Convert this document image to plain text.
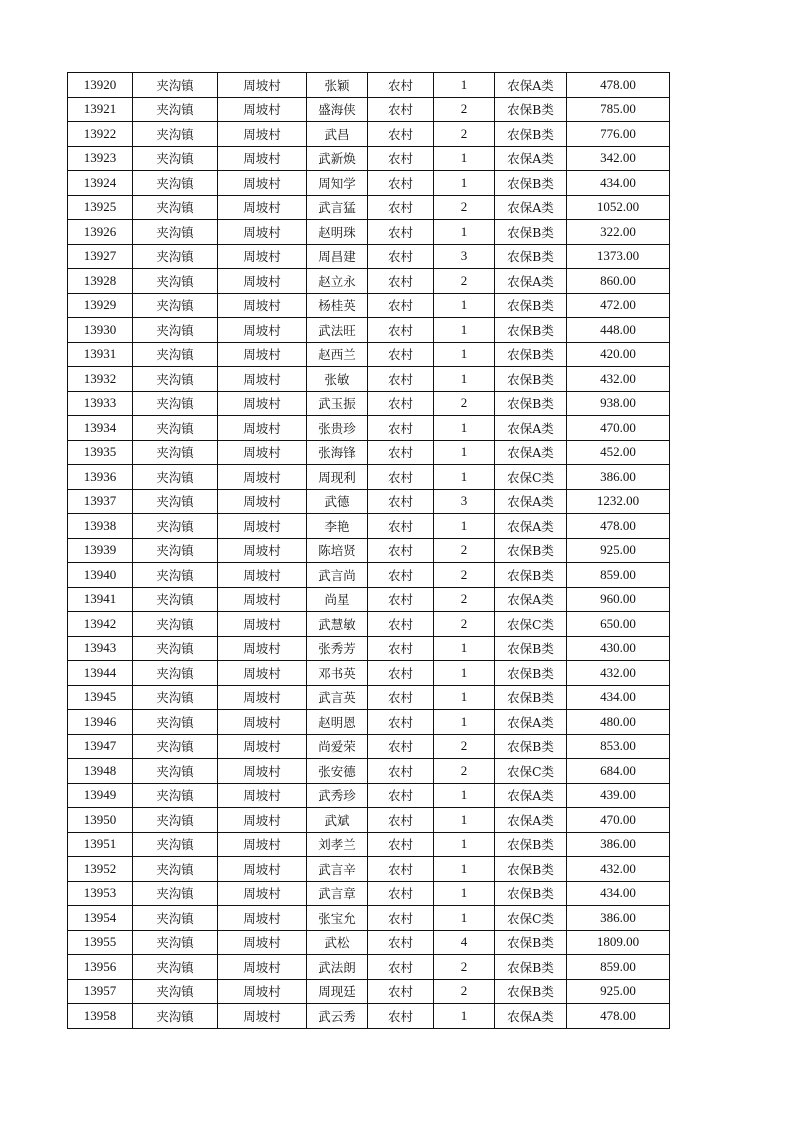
13920	夹沟镇	周坡村	张颖	农村	1	农保A类	478.00
13921	夹沟镇	周坡村	盛海侠	农村	2	农保B类	785.00
13922	夹沟镇	周坡村	武昌	农村	2	农保B类	776.00
13923	夹沟镇	周坡村	武新焕	农村	1	农保A类	342.00
13924	夹沟镇	周坡村	周知学	农村	1	农保B类	434.00
13925	夹沟镇	周坡村	武言猛	农村	2	农保A类	1052.00
13926	夹沟镇	周坡村	赵明珠	农村	1	农保B类	322.00
13927	夹沟镇	周坡村	周昌建	农村	3	农保B类	1373.00
13928	夹沟镇	周坡村	赵立永	农村	2	农保A类	860.00
13929	夹沟镇	周坡村	杨桂英	农村	1	农保B类	472.00
13930	夹沟镇	周坡村	武法旺	农村	1	农保B类	448.00
13931	夹沟镇	周坡村	赵西兰	农村	1	农保B类	420.00
13932	夹沟镇	周坡村	张敏	农村	1	农保B类	432.00
13933	夹沟镇	周坡村	武玉振	农村	2	农保B类	938.00
13934	夹沟镇	周坡村	张贵珍	农村	1	农保A类	470.00
13935	夹沟镇	周坡村	张海锋	农村	1	农保A类	452.00
13936	夹沟镇	周坡村	周现利	农村	1	农保C类	386.00
13937	夹沟镇	周坡村	武德	农村	3	农保A类	1232.00
13938	夹沟镇	周坡村	李艳	农村	1	农保A类	478.00
13939	夹沟镇	周坡村	陈培贤	农村	2	农保B类	925.00
13940	夹沟镇	周坡村	武言尚	农村	2	农保B类	859.00
13941	夹沟镇	周坡村	尚星	农村	2	农保A类	960.00
13942	夹沟镇	周坡村	武慧敏	农村	2	农保C类	650.00
13943	夹沟镇	周坡村	张秀芳	农村	1	农保B类	430.00
13944	夹沟镇	周坡村	邓书英	农村	1	农保B类	432.00
13945	夹沟镇	周坡村	武言英	农村	1	农保B类	434.00
13946	夹沟镇	周坡村	赵明恩	农村	1	农保A类	480.00
13947	夹沟镇	周坡村	尚爱荣	农村	2	农保B类	853.00
13948	夹沟镇	周坡村	张安德	农村	2	农保C类	684.00
13949	夹沟镇	周坡村	武秀珍	农村	1	农保A类	439.00
13950	夹沟镇	周坡村	武斌	农村	1	农保A类	470.00
13951	夹沟镇	周坡村	刘孝兰	农村	1	农保B类	386.00
13952	夹沟镇	周坡村	武言辛	农村	1	农保B类	432.00
13953	夹沟镇	周坡村	武言章	农村	1	农保B类	434.00
13954	夹沟镇	周坡村	张宝允	农村	1	农保C类	386.00
13955	夹沟镇	周坡村	武松	农村	4	农保B类	1809.00
13956	夹沟镇	周坡村	武法朗	农村	2	农保B类	859.00
13957	夹沟镇	周坡村	周现廷	农村	2	农保B类	925.00
13958	夹沟镇	周坡村	武云秀	农村	1	农保A类	478.00
